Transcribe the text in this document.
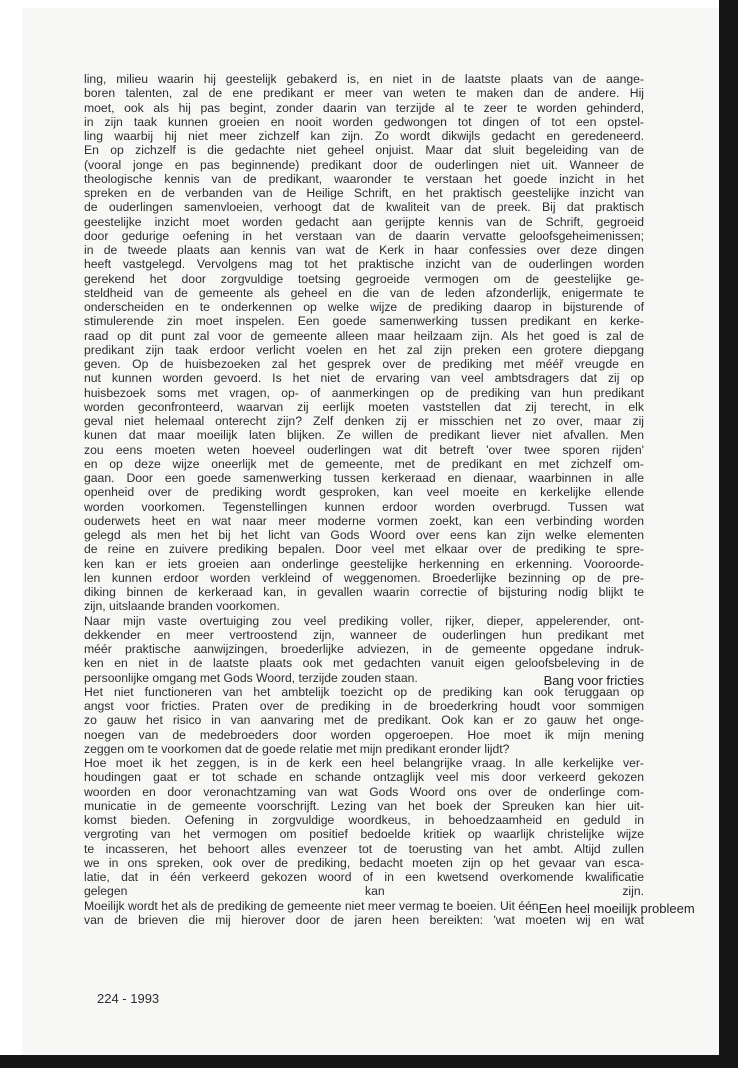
ling, milieu waarin hij geestelijk gebakerd is, en niet in de laatste plaats van de aange-
boren talenten, zal de ene predikant er meer van weten te maken dan de andere. Hij
moet, ook als hij pas begint, zonder daarin van terzijde al te zeer te worden gehinderd,
in zijn taak kunnen groeien en nooit worden gedwongen tot dingen of tot een opstel-
ling waarbij hij niet meer zichzelf kan zijn. Zo wordt dikwijls gedacht en geredeneerd.
En op zichzelf is die gedachte niet geheel onjuist. Maar dat sluit begeleiding van de
(vooral jonge en pas beginnende) predikant door de ouderlingen niet uit. Wanneer de
theologische kennis van de predikant, waaronder te verstaan het goede inzicht in het
spreken en de verbanden van de Heilige Schrift, en het praktisch geestelijke inzicht van
de ouderlingen samenvloeien, verhoogt dat de kwaliteit van de preek. Bij dat praktisch
geestelijke inzicht moet worden gedacht aan gerijpte kennis van de Schrift, gegroeid
door gedurige oefening in het verstaan van de daarin vervatte geloofsgeheimenissen;
in de tweede plaats aan kennis van wat de Kerk in haar confessies over deze dingen
heeft vastgelegd. Vervolgens mag tot het praktische inzicht van de ouderlingen worden
gerekend het door zorgvuldige toetsing gegroeide vermogen om de geestelijke ge-
steldheid van de gemeente als geheel en die van de leden afzonderlijk, enigermate te
onderscheiden en te onderkennen op welke wijze de prediking daarop in bijsturende of
stimulerende zin moet inspelen. Een goede samenwerking tussen predikant en kerke-
raad op dit punt zal voor de gemeente alleen maar heilzaam zijn. Als het goed is zal de
predikant zijn taak erdoor verlicht voelen en het zal zijn preken een grotere diepgang
geven. Op de huisbezoeken zal het gesprek over de prediking met mééř vreugde en
nut kunnen worden gevoerd. Is het niet de ervaring van veel ambtsdragers dat zij op
huisbezoek soms met vragen, op- of aanmerkingen op de prediking van hun predikant
worden geconfronteerd, waarvan zij eerlijk moeten vaststellen dat zij terecht, in elk
geval niet helemaal onterecht zijn? Zelf denken zij er misschien net zo over, maar zij
kunen dat maar moeilijk laten blijken. Ze willen de predikant liever niet afvallen. Men
zou eens moeten weten hoeveel ouderlingen wat dit betreft 'over twee sporen rijden'
en op deze wijze oneerlijk met de gemeente, met de predikant en met zichzelf om-
gaan. Door een goede samenwerking tussen kerkeraad en dienaar, waarbinnen in alle
openheid over de prediking wordt gesproken, kan veel moeite en kerkelijke ellende
worden voorkomen. Tegenstellingen kunnen erdoor worden overbrugd. Tussen wat
ouderwets heet en wat naar meer moderne vormen zoekt, kan een verbinding worden
gelegd als men het bij het licht van Gods Woord over eens kan zijn welke elementen
de reine en zuivere prediking bepalen. Door veel met elkaar over de prediking te spre-
ken kan er iets groeien aan onderlinge geestelijke herkenning en erkenning. Vooroorde-
len kunnen erdoor worden verkleind of weggenomen. Broederlijke bezinning op de pre-
diking binnen de kerkeraad kan, in gevallen waarin correctie of bijsturing nodig blijkt te
zijn, uitslaande branden voorkomen.
Naar mijn vaste overtuiging zou veel prediking voller, rijker, dieper, appelerender, ont-
dekkender en meer vertroostend zijn, wanneer de ouderlingen hun predikant met
méér praktische aanwijzingen, broederlijke adviezen, in de gemeente opgedane indruk-
ken en niet in de laatste plaats ook met gedachten vanuit eigen geloofsbeleving in de
persoonlijke omgang met Gods Woord, terzijde zouden staan.	Bang voor fricties
Het niet functioneren van het ambtelijk toezicht op de prediking kan ook teruggaan op
angst voor fricties. Praten over de prediking in de broederkring houdt voor sommigen
zo gauw het risico in van aanvaring met de predikant. Ook kan er zo gauw het onge-
noegen van de medebroeders door worden opgeroepen. Hoe moet ik mijn mening
zeggen om te voorkomen dat de goede relatie met mijn predikant eronder lijdt?
Hoe moet ik het zeggen, is in de kerk een heel belangrijke vraag. In alle kerkelijke ver-
houdingen gaat er tot schade en schande ontzaglijk veel mis door verkeerd gekozen
woorden en door veronachtzaming van wat Gods Woord ons over de onderlinge com-
municatie in de gemeente voorschrijft. Lezing van het boek der Spreuken kan hier uit-
komst bieden. Oefening in zorgvuldige woordkeus, in behoedzaamheid en geduld in
vergroting van het vermogen om positief bedoelde kritiek op waarlijk christelijke wijze
te incasseren, het behoort alles evenzeer tot de toerusting van het ambt. Altijd zullen
we in ons spreken, ook over de prediking, bedacht moeten zijn op het gevaar van esca-
latie, dat in één verkeerd gekozen woord of in een kwetsend overkomende kwalificatie
gelegen kan zijn.
Moeilijk wordt het als de prediking de gemeente niet meer vermag te boeien. Uit één Een heel moeilijk probleem
van de brieven die mij hierover door de jaren heen bereikten: 'wat moeten wij en wat
224 - 1993
